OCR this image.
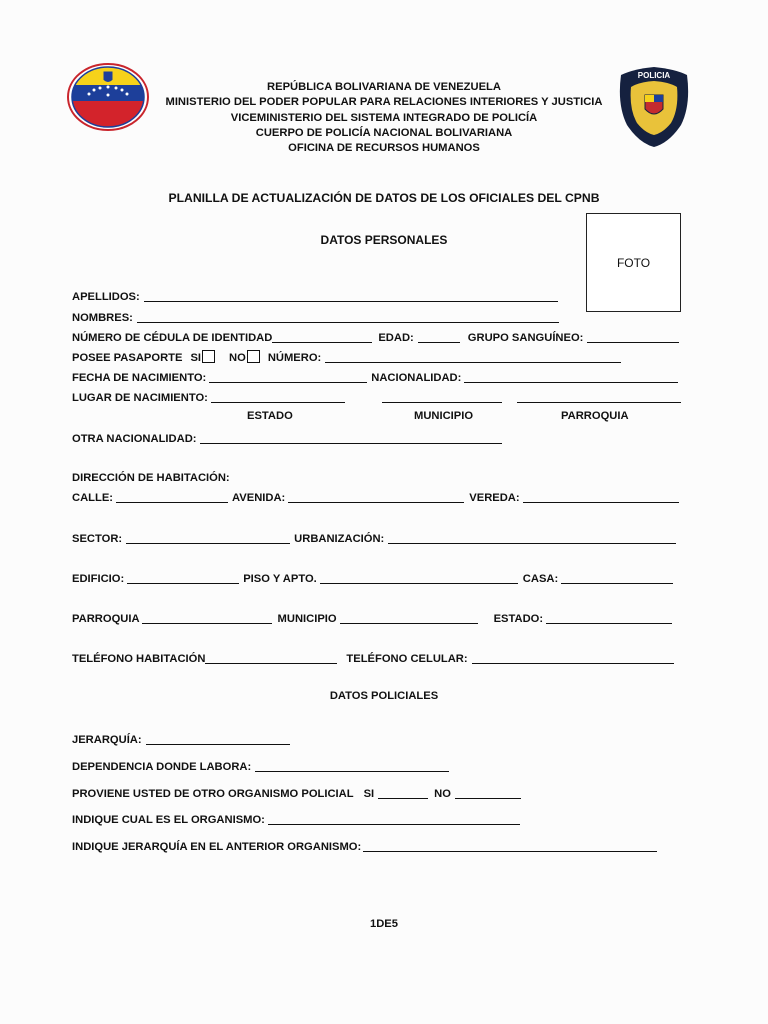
POLICIA
REPÚBLICA BOLIVARIANA DE VENEZUELA
MINISTERIO DEL PODER POPULAR PARA RELACIONES INTERIORES Y JUSTICIA
VICEMINISTERIO DEL SISTEMA INTEGRADO DE POLICÍA
CUERPO DE POLICÍA NACIONAL BOLIVARIANA
OFICINA DE RECURSOS HUMANOS
PLANILLA DE ACTUALIZACIÓN DE DATOS DE LOS OFICIALES DEL CPNB
DATOS PERSONALES
FOTO
APELLIDOS:
NOMBRES:
NÚMERO DE CÉDULA DE IDENTIDAD	EDAD:	GRUPO SANGUÍNEO:
POSEE PASAPORTE SI	NO NÚMERO:
FECHA DE NACIMIENTO:	NACIONALIDAD:
LUGAR DE NACIMIENTO:
ESTADO	MUNICIPIO	PARROQUIA
OTRA NACIONALIDAD:
DIRECCIÓN DE HABITACIÓN:
CALLE:	AVENIDA:	VEREDA:
SECTOR:	URBANIZACIÓN:
EDIFICIO:	PISO Y APTO.	CASA:
PARROQUIA	MUNICIPIO	ESTADO:
TELÉFONO HABITACIÓN	TELÉFONO CELULAR:
DATOS POLICIALES
JERARQUÍA:
DEPENDENCIA DONDE LABORA:
PROVIENE USTED DE OTRO ORGANISMO POLICIAL SI	NO
INDIQUE CUAL ES EL ORGANISMO:
INDIQUE JERARQUÍA EN EL ANTERIOR ORGANISMO:
1DE5
